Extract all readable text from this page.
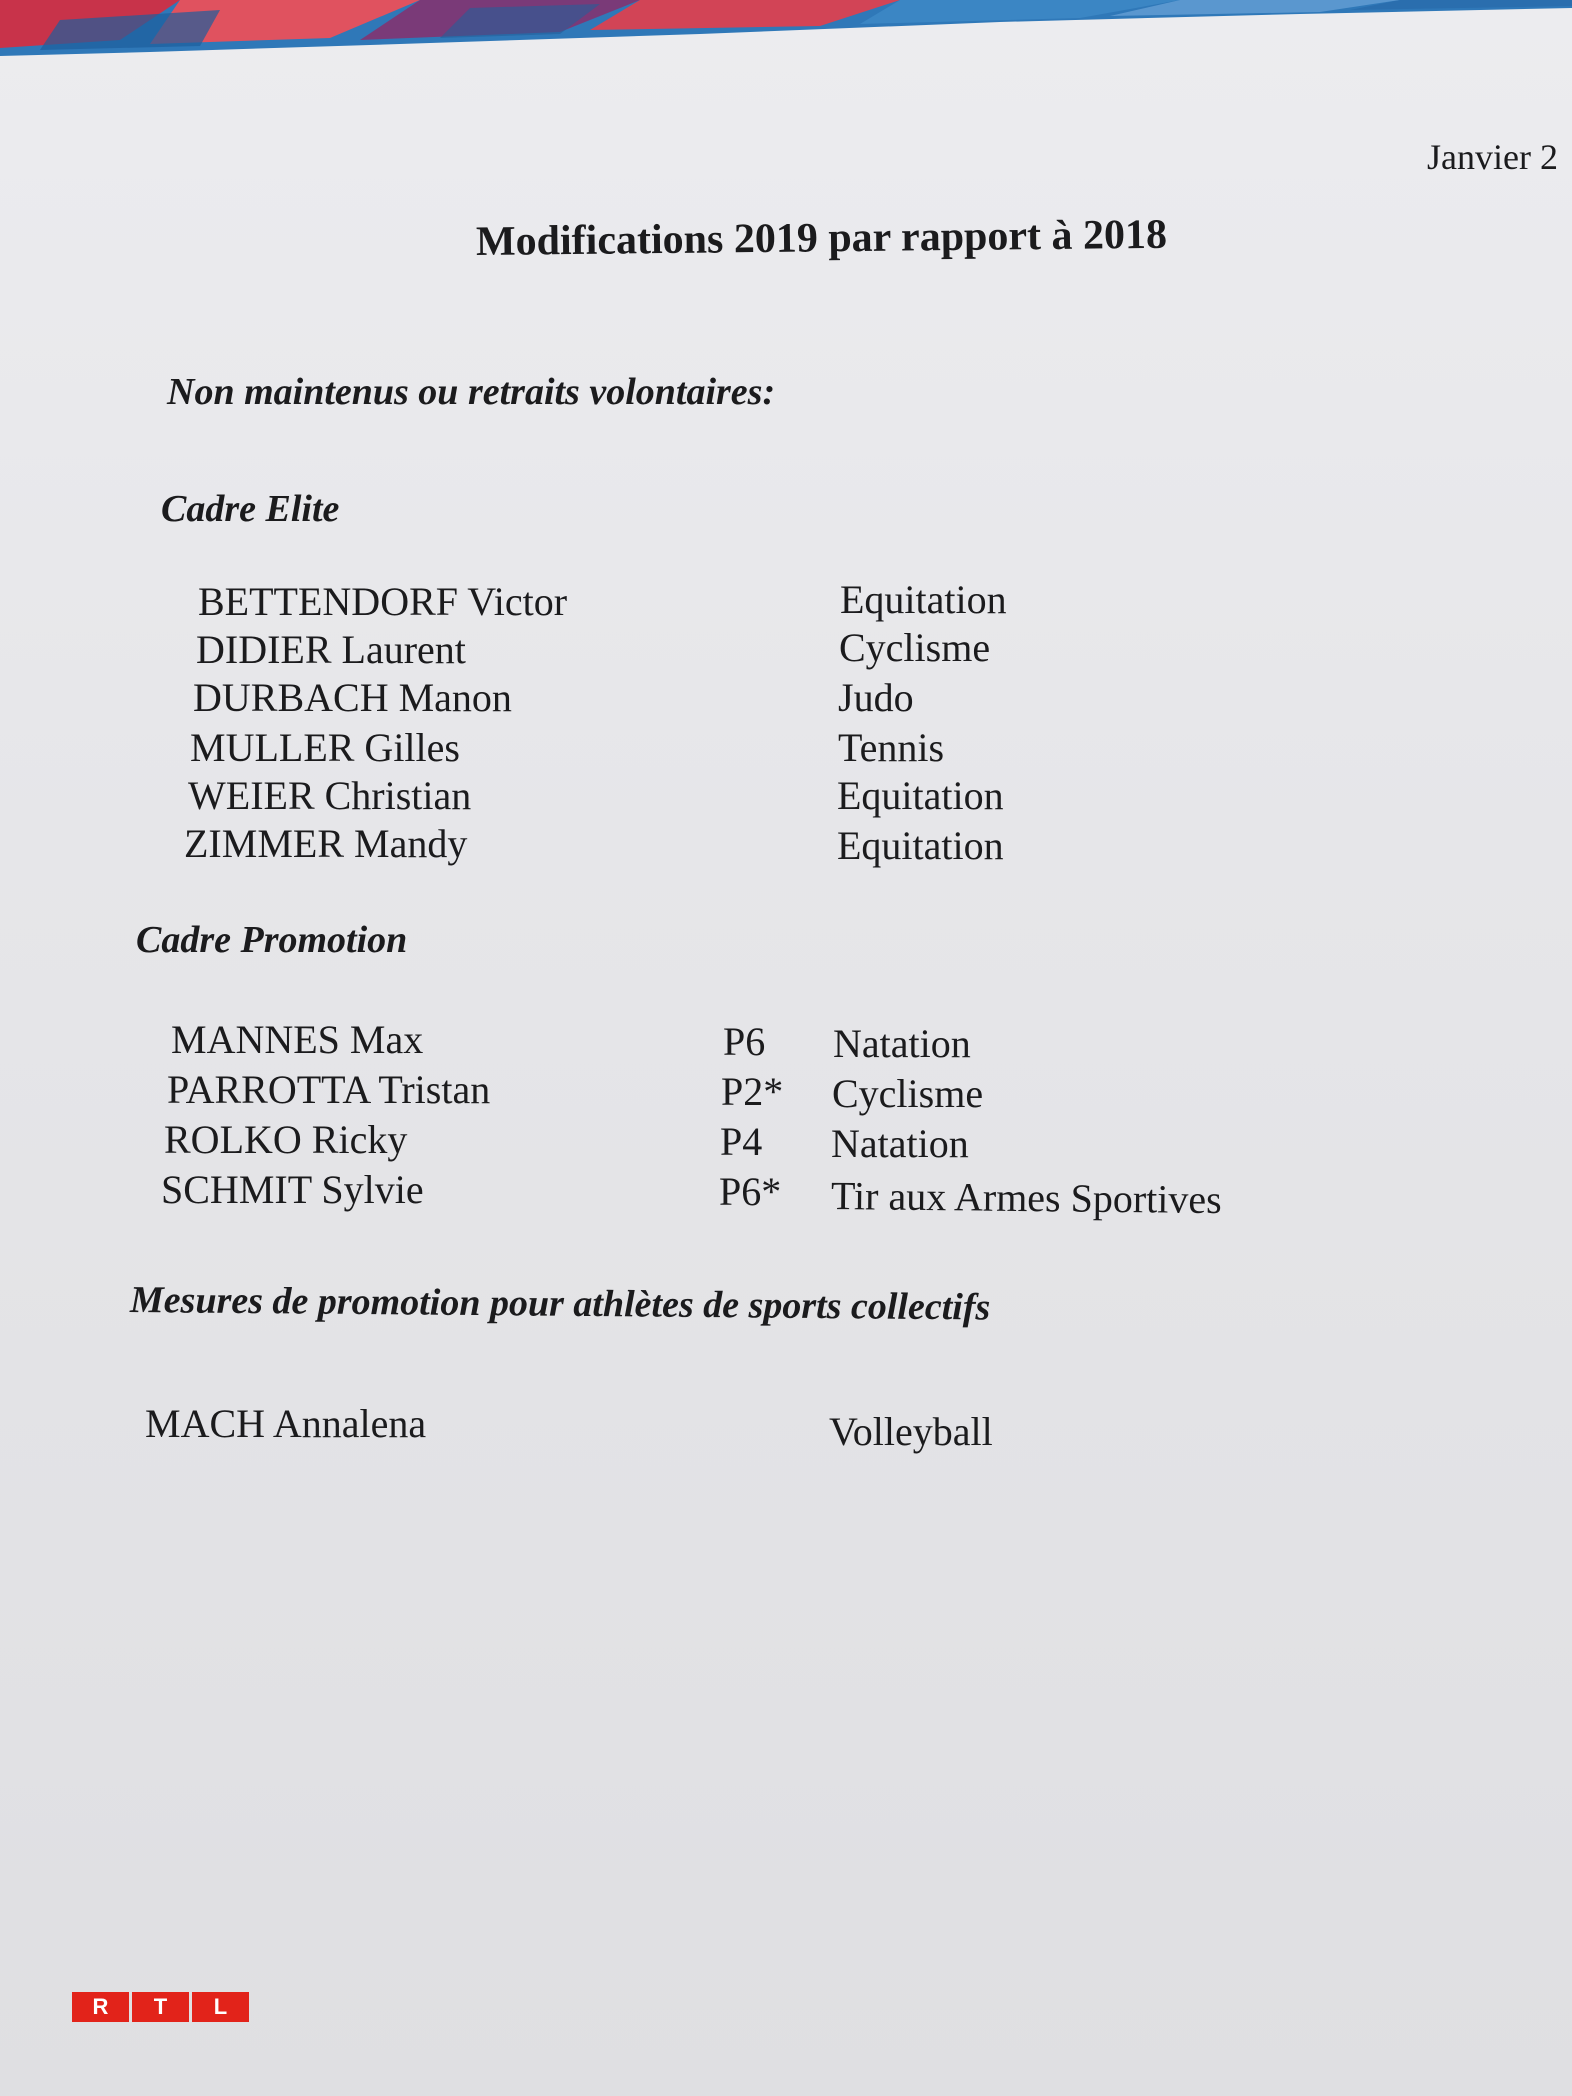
Janvier 2
Modifications 2019 par rapport à 2018
Non maintenus ou retraits volontaires:
Cadre Elite
BETTENDORF Victor	Equitation
DIDIER Laurent	Cyclisme
DURBACH Manon	Judo
MULLER Gilles	Tennis
WEIER Christian	Equitation
ZIMMER Mandy	Equitation
Cadre Promotion
MANNES Max	P6 Natation
PARROTTA Tristan	P2* Cyclisme
ROLKO Ricky	P4 Natation
SCHMIT Sylvie	P6* Tir aux Armes Sportives
Mesures de promotion pour athlètes de sports collectifs
MACH Annalena	Volleyball
R	T	L
